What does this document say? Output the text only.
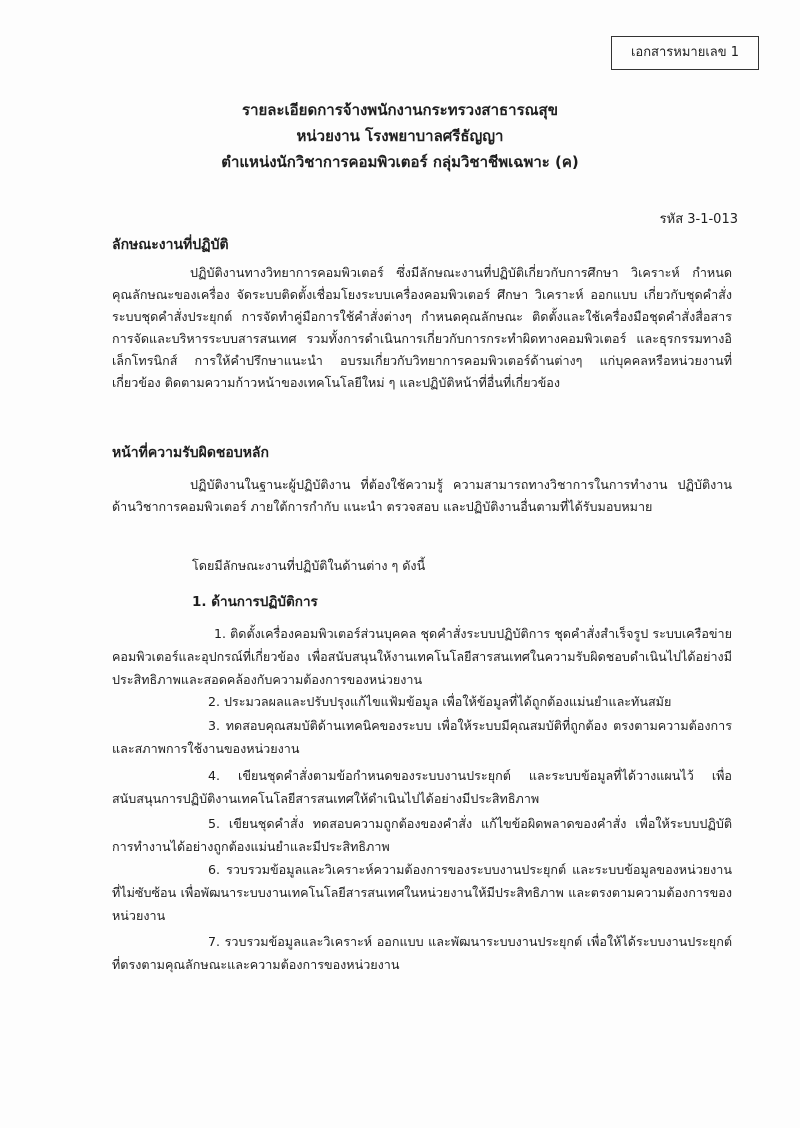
เอกสารหมายเลข 1
รายละเอียดการจ้างพนักงานกระทรวงสาธารณสุข
หน่วยงาน โรงพยาบาลศรีธัญญา
ตำแหน่งนักวิชาการคอมพิวเตอร์ กลุ่มวิชาชีพเฉพาะ (ค)
รหัส 3-1-013
ลักษณะงานที่ปฏิบัติ
ปฏิบัติงานทางวิทยาการคอมพิวเตอร์ ซึ่งมีลักษณะงานที่ปฏิบัติเกี่ยวกับการศึกษา วิเคราะห์ กำหนดคุณลักษณะของเครื่อง จัดระบบติดตั้งเชื่อมโยงระบบเครื่องคอมพิวเตอร์ ศึกษา วิเคราะห์ ออกแบบ เกี่ยวกับชุดคำสั่ง ระบบชุดคำสั่งประยุกต์ การจัดทำคู่มือการใช้คำสั่งต่างๆ กำหนดคุณลักษณะ ติดตั้งและใช้เครื่องมือชุดคำสั่งสื่อสาร การจัดและบริหารระบบสารสนเทศ รวมทั้งการดำเนินการเกี่ยวกับการกระทำผิดทางคอมพิวเตอร์ และธุรกรรมทางอิเล็กโทรนิกส์ การให้คำปรึกษาแนะนำ อบรมเกี่ยวกับวิทยาการคอมพิวเตอร์ด้านต่างๆ แก่บุคคลหรือหน่วยงานที่เกี่ยวข้อง ติดตามความก้าวหน้าของเทคโนโลยีใหม่ ๆ และปฏิบัติหน้าที่อื่นที่เกี่ยวข้อง
หน้าที่ความรับผิดชอบหลัก
ปฏิบัติงานในฐานะผู้ปฏิบัติงาน ที่ต้องใช้ความรู้ ความสามารถทางวิชาการในการทำงาน ปฏิบัติงานด้านวิชาการคอมพิวเตอร์ ภายใต้การกำกับ แนะนำ ตรวจสอบ และปฏิบัติงานอื่นตามที่ได้รับมอบหมาย
โดยมีลักษณะงานที่ปฏิบัติในด้านต่าง ๆ ดังนี้
1. ด้านการปฏิบัติการ
1. ติดตั้งเครื่องคอมพิวเตอร์ส่วนบุคคล ชุดคำสั่งระบบปฏิบัติการ ชุดคำสั่งสำเร็จรูป ระบบเครือข่ายคอมพิวเตอร์และอุปกรณ์ที่เกี่ยวข้อง เพื่อสนับสนุนให้งานเทคโนโลยีสารสนเทศในความรับผิดชอบดำเนินไปได้อย่างมีประสิทธิภาพและสอดคล้องกับความต้องการของหน่วยงาน
2. ประมวลผลและปรับปรุงแก้ไขแฟ้มข้อมูล เพื่อให้ข้อมูลที่ได้ถูกต้องแม่นยำและทันสมัย
3. ทดสอบคุณสมบัติด้านเทคนิคของระบบ เพื่อให้ระบบมีคุณสมบัติที่ถูกต้อง ตรงตามความต้องการและสภาพการใช้งานของหน่วยงาน
4. เขียนชุดคำสั่งตามข้อกำหนดของระบบงานประยุกต์ และระบบข้อมูลที่ได้วางแผนไว้ เพื่อสนับสนุนการปฏิบัติงานเทคโนโลยีสารสนเทศให้ดำเนินไปได้อย่างมีประสิทธิภาพ
5. เขียนชุดคำสั่ง ทดสอบความถูกต้องของคำสั่ง แก้ไขข้อผิดพลาดของคำสั่ง เพื่อให้ระบบปฏิบัติการทำงานได้อย่างถูกต้องแม่นยำและมีประสิทธิภาพ
6. รวบรวมข้อมูลและวิเคราะห์ความต้องการของระบบงานประยุกต์ และระบบข้อมูลของหน่วยงานที่ไม่ซับซ้อน เพื่อพัฒนาระบบงานเทคโนโลยีสารสนเทศในหน่วยงานให้มีประสิทธิภาพ และตรงตามความต้องการของหน่วยงาน
7. รวบรวมข้อมูลและวิเคราะห์ ออกแบบ และพัฒนาระบบงานประยุกต์ เพื่อให้ได้ระบบงานประยุกต์ที่ตรงตามคุณลักษณะและความต้องการของหน่วยงาน
